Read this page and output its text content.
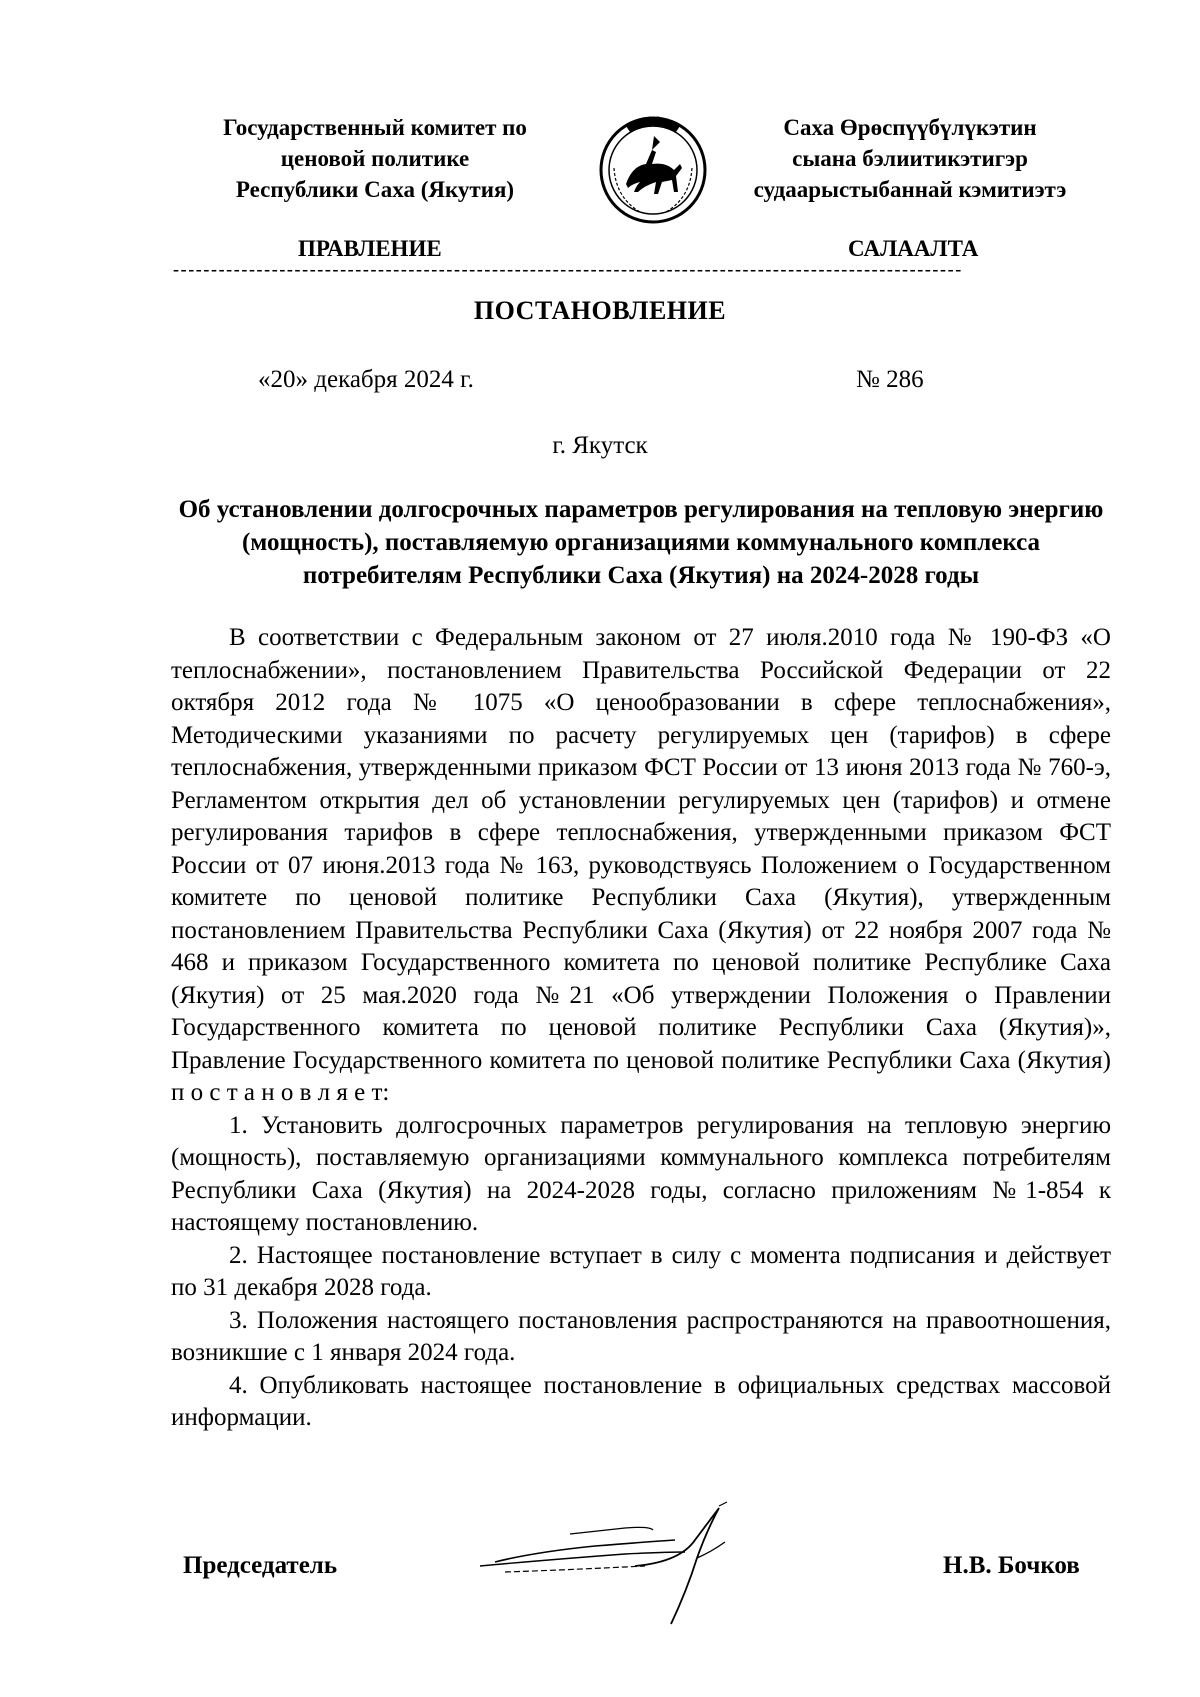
Государственный комитет по
ценовой политике
Республики Саха (Якутия)
Саха Өрөспүүбүлүкэтин
сыана бэлиитикэтигэр
судаарыстыбаннай кэмитиэтэ
ПРАВЛЕНИЕ	САЛААЛТА
--------------------------------------------------------------------------------------------------------
ПОСТАНОВЛЕНИЕ
«20» декабря 2024 г.	№ 286
г. Якутск
Об установлении долгосрочных параметров регулирования на тепловую энергию (мощность), поставляемую организациями коммунального комплекса потребителям Республики Саха (Якутия) на 2024-2028 годы

В соответствии с Федеральным законом от 27 июля.2010 года № 190-ФЗ «О теплоснабжении», постановлением Правительства Российской Федерации от 22 октября 2012 года № 1075 «О ценообразовании в сфере теплоснабжения», Методическими указаниями по расчету регулируемых цен (тарифов) в сфере теплоснабжения, утвержденными приказом ФСТ России от 13 июня 2013 года № 760-э, Регламентом открытия дел об установлении регулируемых цен (тарифов) и отмене регулирования тарифов в сфере теплоснабжения, утвержденными приказом ФСТ России от 07 июня.2013 года № 163, руководствуясь Положением о Государственном комитете по ценовой политике Республики Саха (Якутия), утвержденным постановлением Правительства Республики Саха (Якутия) от 22 ноября 2007 года № 468 и приказом Государственного комитета по ценовой политике Республике Саха (Якутия) от 25 мая.2020 года №21 «Об утверждении Положения о Правлении Государственного комитета по ценовой политике Республики Саха (Якутия)», Правление Государственного комитета по ценовой политике Республики Саха (Якутия) п о с т а н о в л я е т:

1. Установить долгосрочных параметров регулирования на тепловую энергию (мощность), поставляемую организациями коммунального комплекса потребителям Республики Саха (Якутия) на 2024-2028 годы, согласно приложениям №1-854 к настоящему постановлению.

2. Настоящее постановление вступает в силу с момента подписания и действует по 31 декабря 2028 года.

3. Положения настоящего постановления распространяются на правоотношения, возникшие с 1 января 2024 года.

4. Опубликовать настоящее постановление в официальных средствах массовой информации.

Председатель	Н.В. Бочков
